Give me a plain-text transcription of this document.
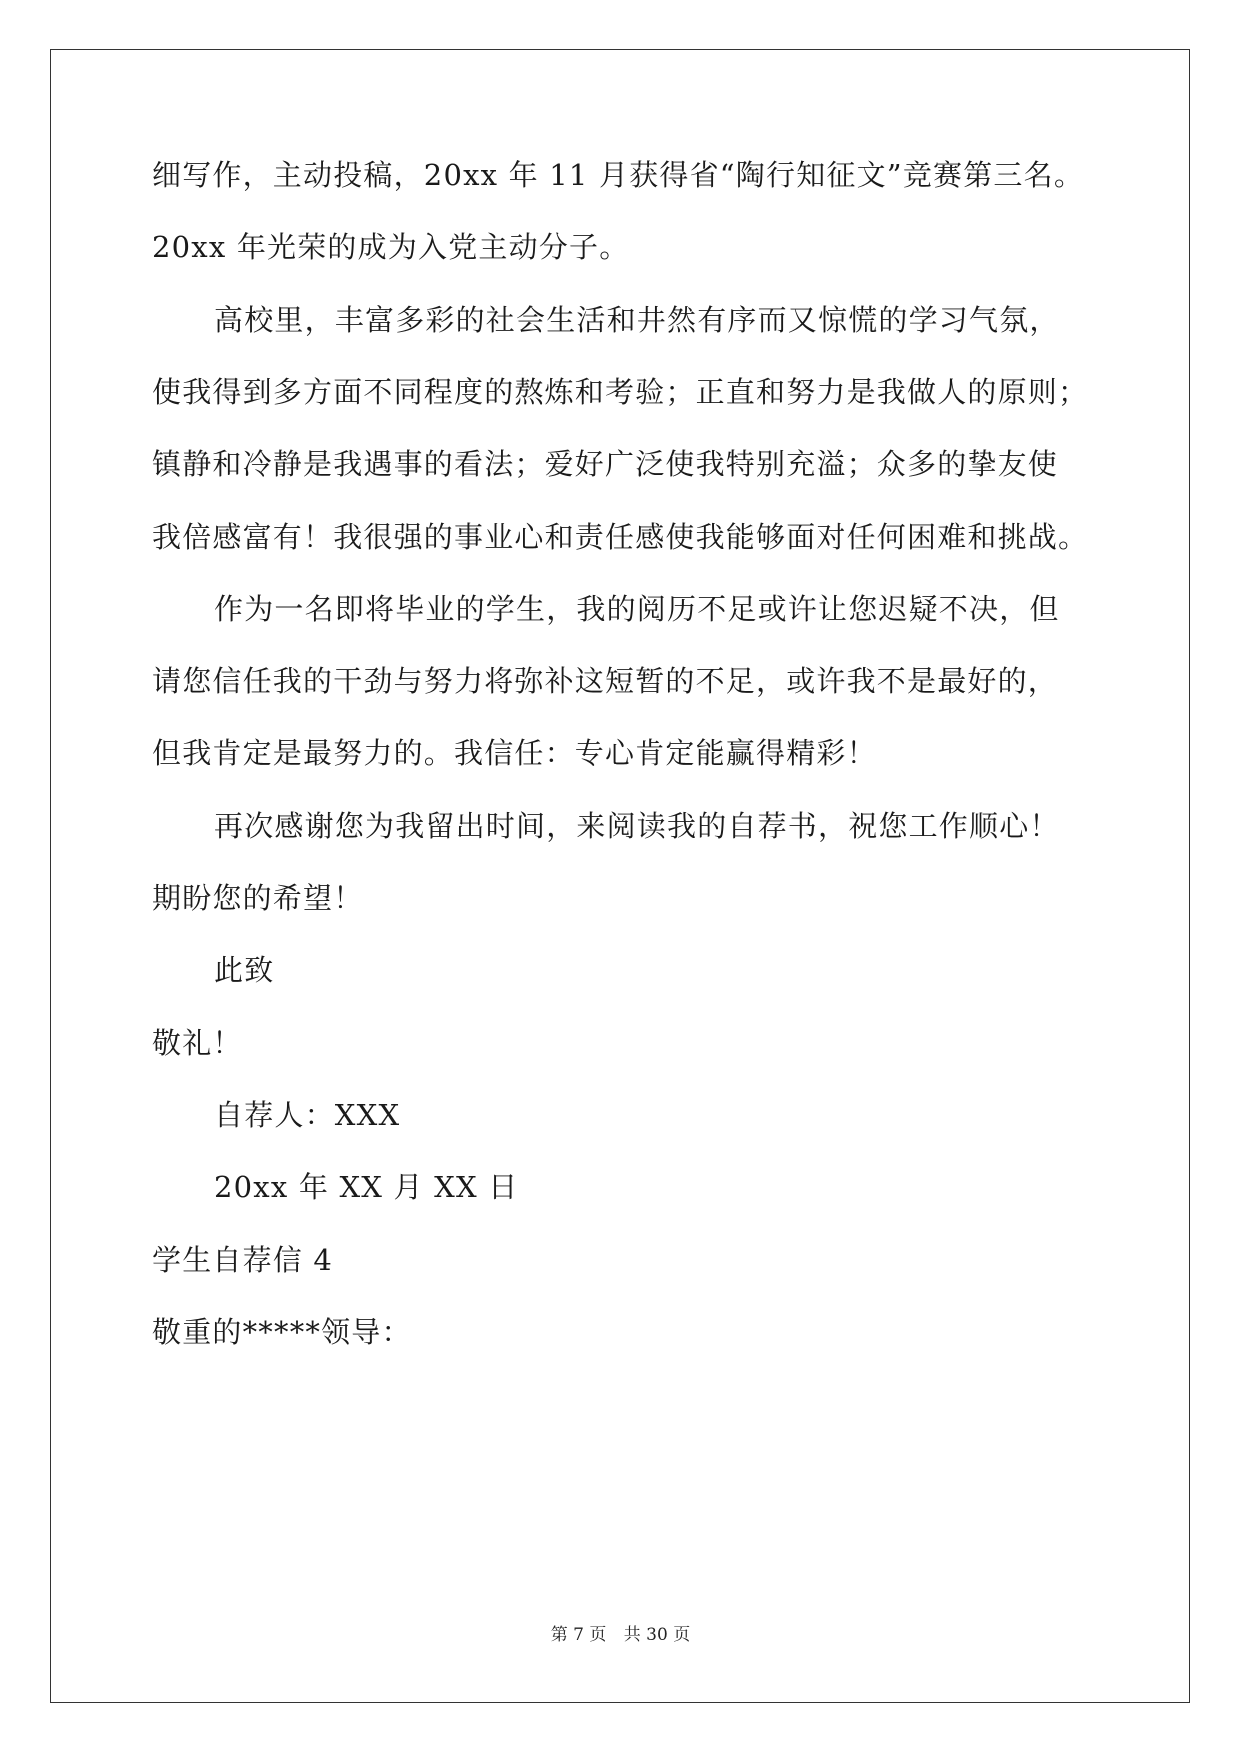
细写作，主动投稿，20xx 年 11 月获得省“陶行知征文”竞赛第三名。
20xx 年光荣的成为入党主动分子。
高校里，丰富多彩的社会生活和井然有序而又惊慌的学习气氛，
使我得到多方面不同程度的熬炼和考验；正直和努力是我做人的原则；
镇静和冷静是我遇事的看法；爱好广泛使我特别充溢；众多的挚友使
我倍感富有！我很强的事业心和责任感使我能够面对任何困难和挑战。
作为一名即将毕业的学生，我的阅历不足或许让您迟疑不决，但
请您信任我的干劲与努力将弥补这短暂的不足，或许我不是最好的，
但我肯定是最努力的。我信任：专心肯定能赢得精彩！
再次感谢您为我留出时间，来阅读我的自荐书，祝您工作顺心！
期盼您的希望！
此致
敬礼！
自荐人：XXX
20xx 年 XX 月 XX 日
学生自荐信 4
敬重的*****领导：
第 7 页 共 30 页
